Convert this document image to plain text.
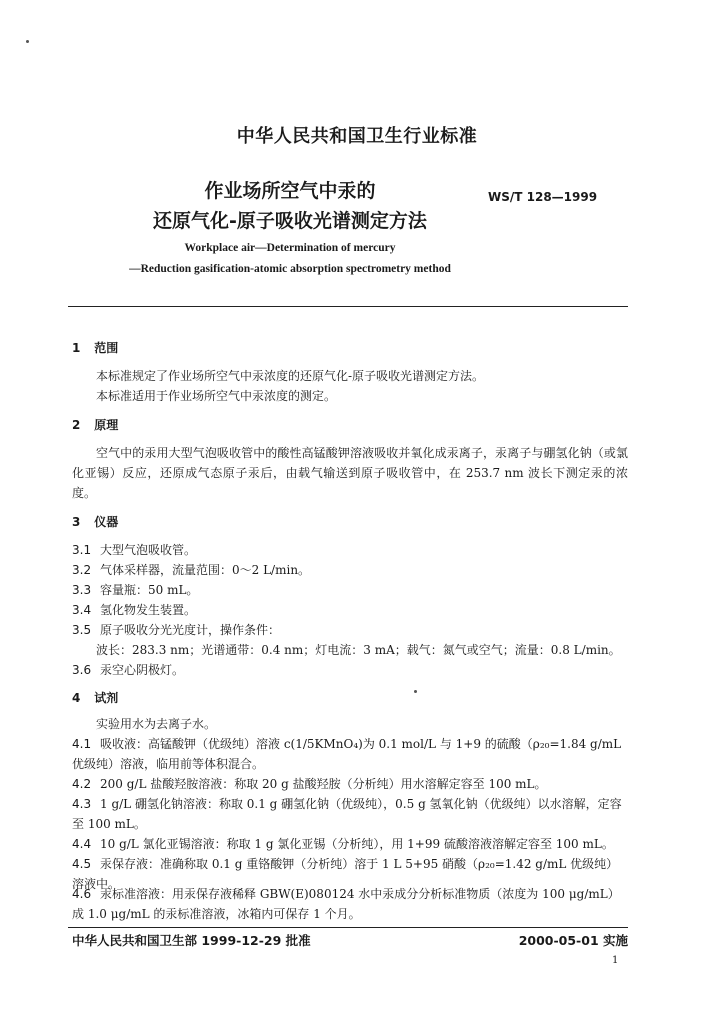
中华人民共和国卫生行业标准
作业场所空气中汞的
还原气化-原子吸收光谱测定方法
WS/T 128—1999
Workplace air—Determination of mercury
—Reduction gasification-atomic absorption spectrometry method
1 范围
本标准规定了作业场所空气中汞浓度的还原气化-原子吸收光谱测定方法。
本标准适用于作业场所空气中汞浓度的测定。
2 原理
空气中的汞用大型气泡吸收管中的酸性高锰酸钾溶液吸收并氧化成汞离子，汞离子与硼氢化钠（或氯化亚锡）反应，还原成气态原子汞后，由载气输送到原子吸收管中，在 253.7 nm 波长下测定汞的浓度。
3 仪器
3.1 大型气泡吸收管。
3.2 气体采样器，流量范围：0～2 L/min。
3.3 容量瓶：50 mL。
3.4 氢化物发生装置。
3.5 原子吸收分光光度计，操作条件：
波长：283.3 nm；光谱通带：0.4 nm；灯电流：3 mA；载气：氮气或空气；流量：0.8 L/min。
3.6 汞空心阴极灯。
4 试剂
实验用水为去离子水。
4.1 吸收液：高锰酸钾（优级纯）溶液 c(1/5KMnO₄)为 0.1 mol/L 与 1+9 的硫酸（ρ₂₀=1.84 g/mL 优级纯）溶液，临用前等体积混合。
4.2 200 g/L 盐酸羟胺溶液：称取 20 g 盐酸羟胺（分析纯）用水溶解定容至 100 mL。
4.3 1 g/L 硼氢化钠溶液：称取 0.1 g 硼氢化钠（优级纯），0.5 g 氢氧化钠（优级纯）以水溶解，定容至 100 mL。
4.4 10 g/L 氯化亚锡溶液：称取 1 g 氯化亚锡（分析纯），用 1+99 硫酸溶液溶解定容至 100 mL。
4.5 汞保存液：准确称取 0.1 g 重铬酸钾（分析纯）溶于 1 L 5+95 硝酸（ρ₂₀=1.42 g/mL 优级纯）溶液中。
4.6 汞标准溶液：用汞保存液稀释 GBW(E)080124 水中汞成分分析标准物质（浓度为 100 μg/mL）成 1.0 μg/mL 的汞标准溶液，冰箱内可保存 1 个月。
中华人民共和国卫生部 1999-12-29 批准	2000-05-01 实施
1
